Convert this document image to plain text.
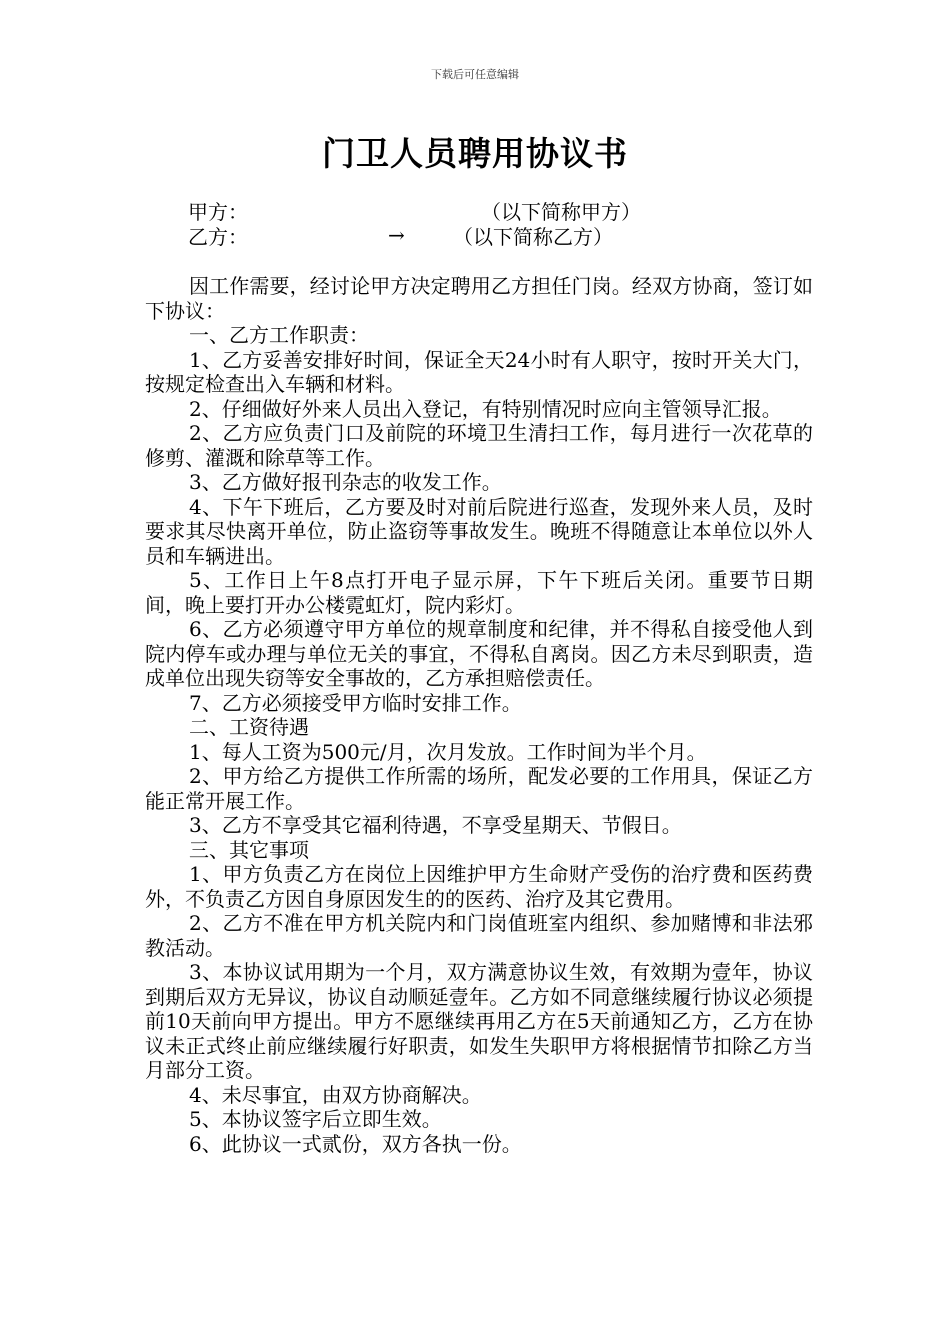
下载后可任意编辑
门卫人员聘用协议书
甲方：	（以下简称甲方）
乙方：	→ （以下简称乙方）

因工作需要，经讨论甲方决定聘用乙方担任门岗。经双方协商，签订如下协议：

一、乙方工作职责：

1、乙方妥善安排好时间，保证全天24小时有人职守，按时开关大门，按规定检查出入车辆和材料。

2、仔细做好外来人员出入登记，有特别情况时应向主管领导汇报。

2、乙方应负责门口及前院的环境卫生清扫工作，每月进行一次花草的修剪、灌溉和除草等工作。

3、乙方做好报刊杂志的收发工作。

4、下午下班后，乙方要及时对前后院进行巡查，发现外来人员，及时要求其尽快离开单位，防止盗窃等事故发生。晚班不得随意让本单位以外人员和车辆进出。

5、工作日上午8点打开电子显示屏，下午下班后关闭。重要节日期间，晚上要打开办公楼霓虹灯，院内彩灯。

6、乙方必须遵守甲方单位的规章制度和纪律，并不得私自接受他人到院内停车或办理与单位无关的事宜，不得私自离岗。因乙方未尽到职责，造成单位出现失窃等安全事故的，乙方承担赔偿责任。

7、乙方必须接受甲方临时安排工作。

二、工资待遇

1、每人工资为500元/月，次月发放。工作时间为半个月。

2、甲方给乙方提供工作所需的场所，配发必要的工作用具，保证乙方能正常开展工作。

3、乙方不享受其它福利待遇，不享受星期天、节假日。

三、其它事项

1、甲方负责乙方在岗位上因维护甲方生命财产受伤的治疗费和医药费外，不负责乙方因自身原因发生的的医药、治疗及其它费用。

2、乙方不准在甲方机关院内和门岗值班室内组织、参加赌博和非法邪教活动。

3、本协议试用期为一个月，双方满意协议生效，有效期为壹年，协议到期后双方无异议，协议自动顺延壹年。乙方如不同意继续履行协议必须提前10天前向甲方提出。甲方不愿继续再用乙方在5天前通知乙方，乙方在协议未正式终止前应继续履行好职责，如发生失职甲方将根据情节扣除乙方当月部分工资。

4、未尽事宜，由双方协商解决。

5、本协议签字后立即生效。

6、此协议一式贰份，双方各执一份。
